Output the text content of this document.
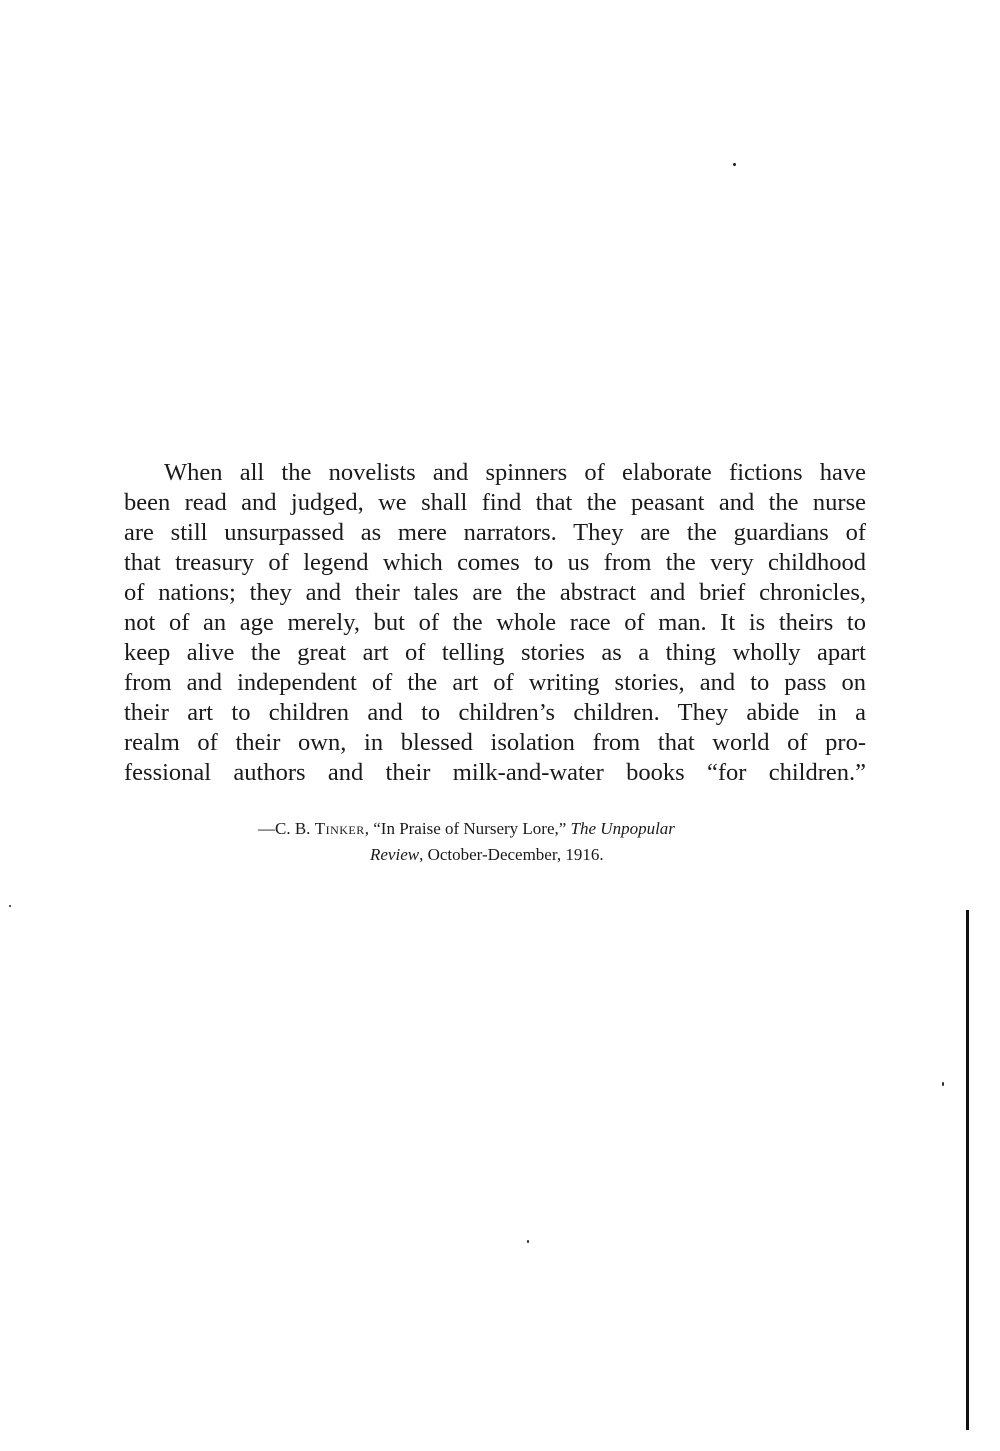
When all the novelists and spinners of elaborate fictions have
been read and judged, we shall find that the peasant and the nurse
are still unsurpassed as mere narrators. They are the guardians of
that treasury of legend which comes to us from the very childhood
of nations; they and their tales are the abstract and brief chronicles,
not of an age merely, but of the whole race of man. It is theirs to
keep alive the great art of telling stories as a thing wholly apart
from and independent of the art of writing stories, and to pass on
their art to children and to children’s children. They abide in a
realm of their own, in blessed isolation from that world of pro-
fessional authors and their milk-and-water books “for children.”
—C. B. Tinker, “In Praise of Nursery Lore,” The Unpopular
Review, October-December, 1916.
